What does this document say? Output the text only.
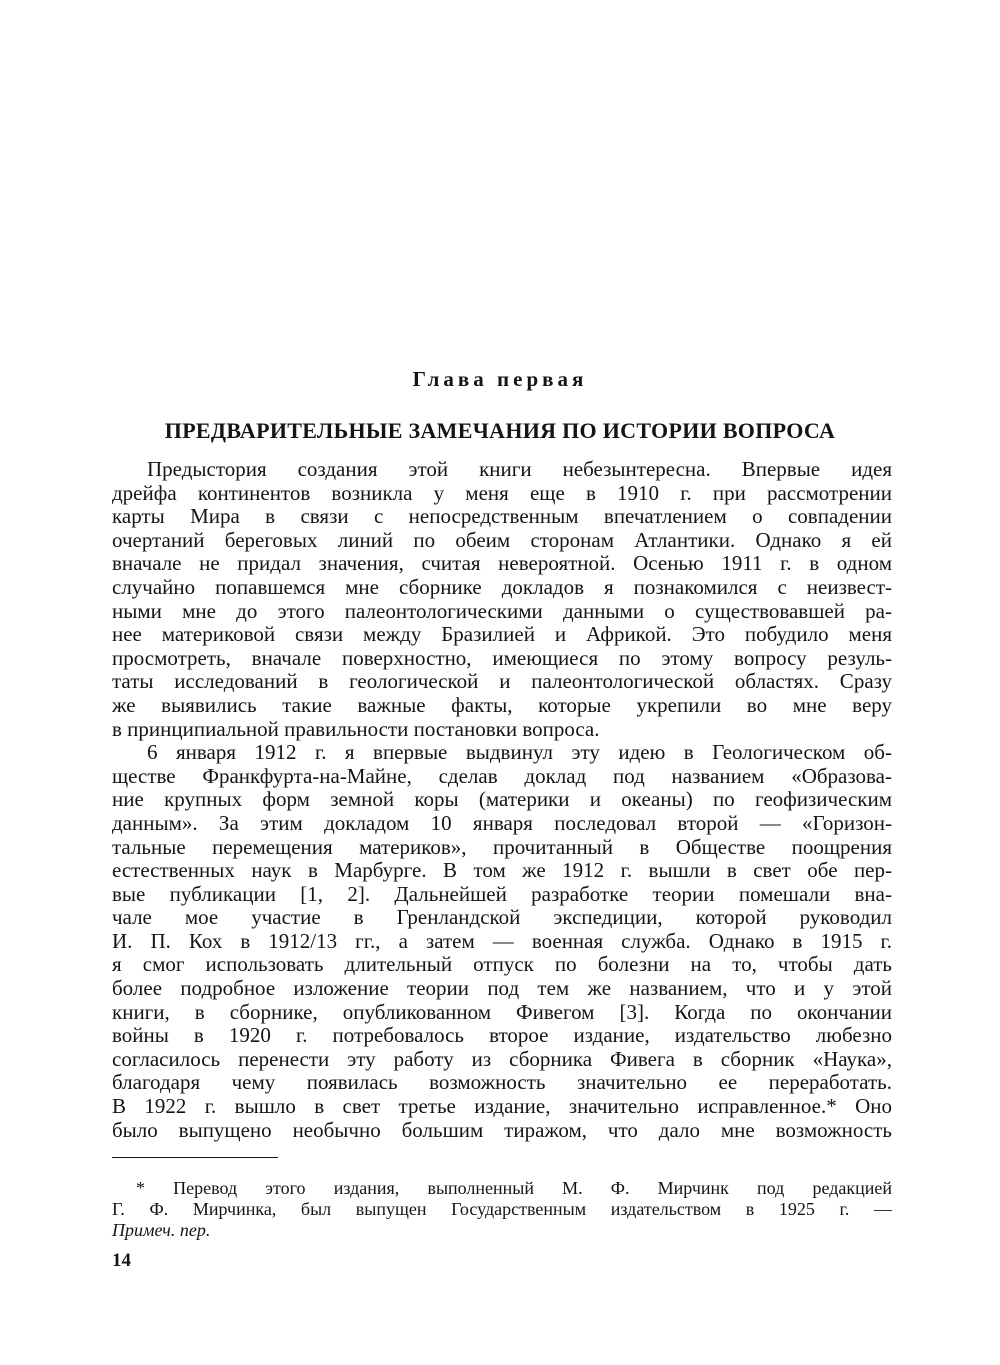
Глава первая
ПРЕДВАРИТЕЛЬНЫЕ ЗАМЕЧАНИЯ ПО ИСТОРИИ ВОПРОСА
Предыстория создания этой книги небезынтересна. Впервые идея
дрейфа континентов возникла у меня еще в 1910 г. при рассмотрении
карты Мира в связи с непосредственным впечатлением о совпадении
очертаний береговых линий по обеим сторонам Атлантики. Однако я ей
вначале не придал значения, считая невероятной. Осенью 1911 г. в одном
случайно попавшемся мне сборнике докладов я познакомился с неизвест-
ными мне до этого палеонтологическими данными о существовавшей ра-
нее материковой связи между Бразилией и Африкой. Это побудило меня
просмотреть, вначале поверхностно, имеющиеся по этому вопросу резуль-
таты исследований в геологической и палеонтологической областях. Сразу
же выявились такие важные факты, которые укрепили во мне веру
в принципиальной правильности постановки вопроса.
6 января 1912 г. я впервые выдвинул эту идею в Геологическом об-
ществе Франкфурта-на-Майне, сделав доклад под названием «Образова-
ние крупных форм земной коры (материки и океаны) по геофизическим
данным». За этим докладом 10 января последовал второй — «Горизон-
тальные перемещения материков», прочитанный в Обществе поощрения
естественных наук в Марбурге. В том же 1912 г. вышли в свет обе пер-
вые публикации [1, 2]. Дальнейшей разработке теории помешали вна-
чале мое участие в Гренландской экспедиции, которой руководил
И. П. Кох в 1912/13 гг., а затем — военная служба. Однако в 1915 г.
я смог использовать длительный отпуск по болезни на то, чтобы дать
более подробное изложение теории под тем же названием, что и у этой
книги, в сборнике, опубликованном Фивегом [3]. Когда по окончании
войны в 1920 г. потребовалось второе издание, издательство любезно
согласилось перенести эту работу из сборника Фивега в сборник «Наука»,
благодаря чему появилась возможность значительно ее переработать.
В 1922 г. вышло в свет третье издание, значительно исправленное.* Оно
было выпущено необычно большим тиражом, что дало мне возможность
* Перевод этого издания, выполненный М. Ф. Мирчинк под редакцией
Г. Ф. Мирчинка, был выпущен Государственным издательством в 1925 г. —
Примеч. пер.
14
